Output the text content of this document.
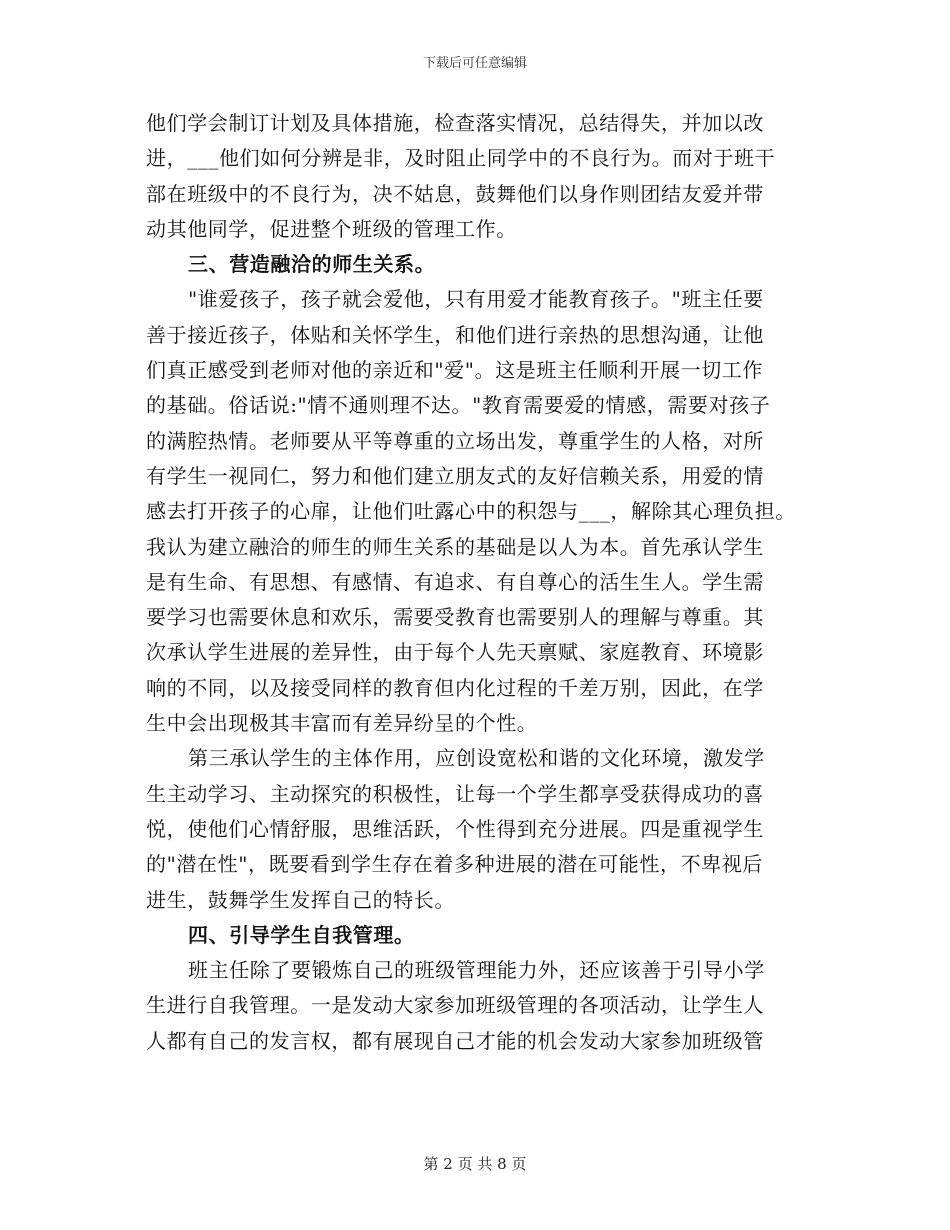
下载后可任意编辑
他们学会制订计划及具体措施，检查落实情况，总结得失，并加以改
进，___他们如何分辨是非，及时阻止同学中的不良行为。而对于班干
部在班级中的不良行为，决不姑息，鼓舞他们以身作则团结友爱并带
动其他同学，促进整个班级的管理工作。
三、营造融洽的师生关系。
"谁爱孩子，孩子就会爱他，只有用爱才能教育孩子。"班主任要
善于接近孩子，体贴和关怀学生，和他们进行亲热的思想沟通，让他
们真正感受到老师对他的亲近和"爱"。这是班主任顺利开展一切工作
的基础。俗话说:"情不通则理不达。"教育需要爱的情感，需要对孩子
的满腔热情。老师要从平等尊重的立场出发，尊重学生的人格，对所
有学生一视同仁，努力和他们建立朋友式的友好信赖关系，用爱的情
感去打开孩子的心扉，让他们吐露心中的积怨与___，解除其心理负担。
我认为建立融洽的师生的师生关系的基础是以人为本。首先承认学生
是有生命、有思想、有感情、有追求、有自尊心的活生生人。学生需
要学习也需要休息和欢乐，需要受教育也需要别人的理解与尊重。其
次承认学生进展的差异性，由于每个人先天禀赋、家庭教育、环境影
响的不同，以及接受同样的教育但内化过程的千差万别，因此，在学
生中会出现极其丰富而有差异纷呈的个性。
第三承认学生的主体作用，应创设宽松和谐的文化环境，激发学
生主动学习、主动探究的积极性，让每一个学生都享受获得成功的喜
悦，使他们心情舒服，思维活跃，个性得到充分进展。四是重视学生
的"潜在性"，既要看到学生存在着多种进展的潜在可能性，不卑视后
进生，鼓舞学生发挥自己的特长。
四、引导学生自我管理。
班主任除了要锻炼自己的班级管理能力外，还应该善于引导小学
生进行自我管理。一是发动大家参加班级管理的各项活动，让学生人
人都有自己的发言权，都有展现自己才能的机会发动大家参加班级管
第 2 页 共 8 页
